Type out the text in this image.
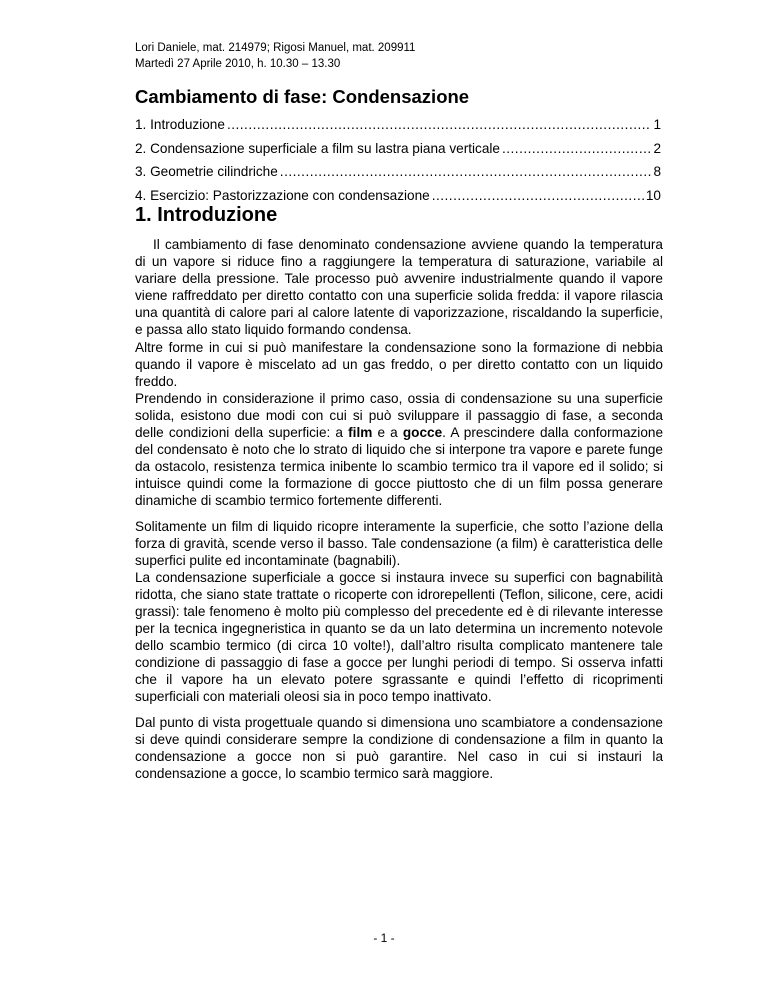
Lori Daniele, mat. 214979; Rigosi Manuel, mat. 209911
Martedì 27 Aprile 2010, h. 10.30 – 13.30
Cambiamento di fase: Condensazione
1. Introduzione .....	1
2. Condensazione superficiale a film su lastra piana verticale .....	2
3. Geometrie cilindriche .....	8
4. Esercizio: Pastorizzazione con condensazione .....	10
1. Introduzione

Il cambiamento di fase denominato condensazione avviene quando la temperatura di un vapore si riduce fino a raggiungere la temperatura di saturazione, variabile al variare della pressione. Tale processo può avvenire industrialmente quando il vapore viene raffreddato per diretto contatto con una superficie solida fredda: il vapore rilascia una quantità di calore pari al calore latente di vaporizzazione, riscaldando la superficie, e passa allo stato liquido formando condensa.

Altre forme in cui si può manifestare la condensazione sono la formazione di nebbia quando il vapore è miscelato ad un gas freddo, o per diretto contatto con un liquido freddo.

Prendendo in considerazione il primo caso, ossia di condensazione su una superficie solida, esistono due modi con cui si può sviluppare il passaggio di fase, a seconda delle condizioni della superficie: a film e a gocce. A prescindere dalla conformazione del condensato è noto che lo strato di liquido che si interpone tra vapore e parete funge da ostacolo, resistenza termica inibente lo scambio termico tra il vapore ed il solido; si intuisce quindi come la formazione di gocce piuttosto che di un film possa generare dinamiche di scambio termico fortemente differenti.

Solitamente un film di liquido ricopre interamente la superficie, che sotto l’azione della forza di gravità, scende verso il basso. Tale condensazione (a film) è caratteristica delle superfici pulite ed incontaminate (bagnabili).

La condensazione superficiale a gocce si instaura invece su superfici con bagnabilità ridotta, che siano state trattate o ricoperte con idrorepellenti (Teflon, silicone, cere, acidi grassi): tale fenomeno è molto più complesso del precedente ed è di rilevante interesse per la tecnica ingegneristica in quanto se da un lato determina un incremento notevole dello scambio termico (di circa 10 volte!), dall’altro risulta complicato mantenere tale condizione di passaggio di fase a gocce per lunghi periodi di tempo. Si osserva infatti che il vapore ha un elevato potere sgrassante e quindi l’effetto di ricoprimenti superficiali con materiali oleosi sia in poco tempo inattivato.

Dal punto di vista progettuale quando si dimensiona uno scambiatore a condensazione si deve quindi considerare sempre la condizione di condensazione a film in quanto la condensazione a gocce non si può garantire. Nel caso in cui si instauri la condensazione a gocce, lo scambio termico sarà maggiore.

- 1 -
